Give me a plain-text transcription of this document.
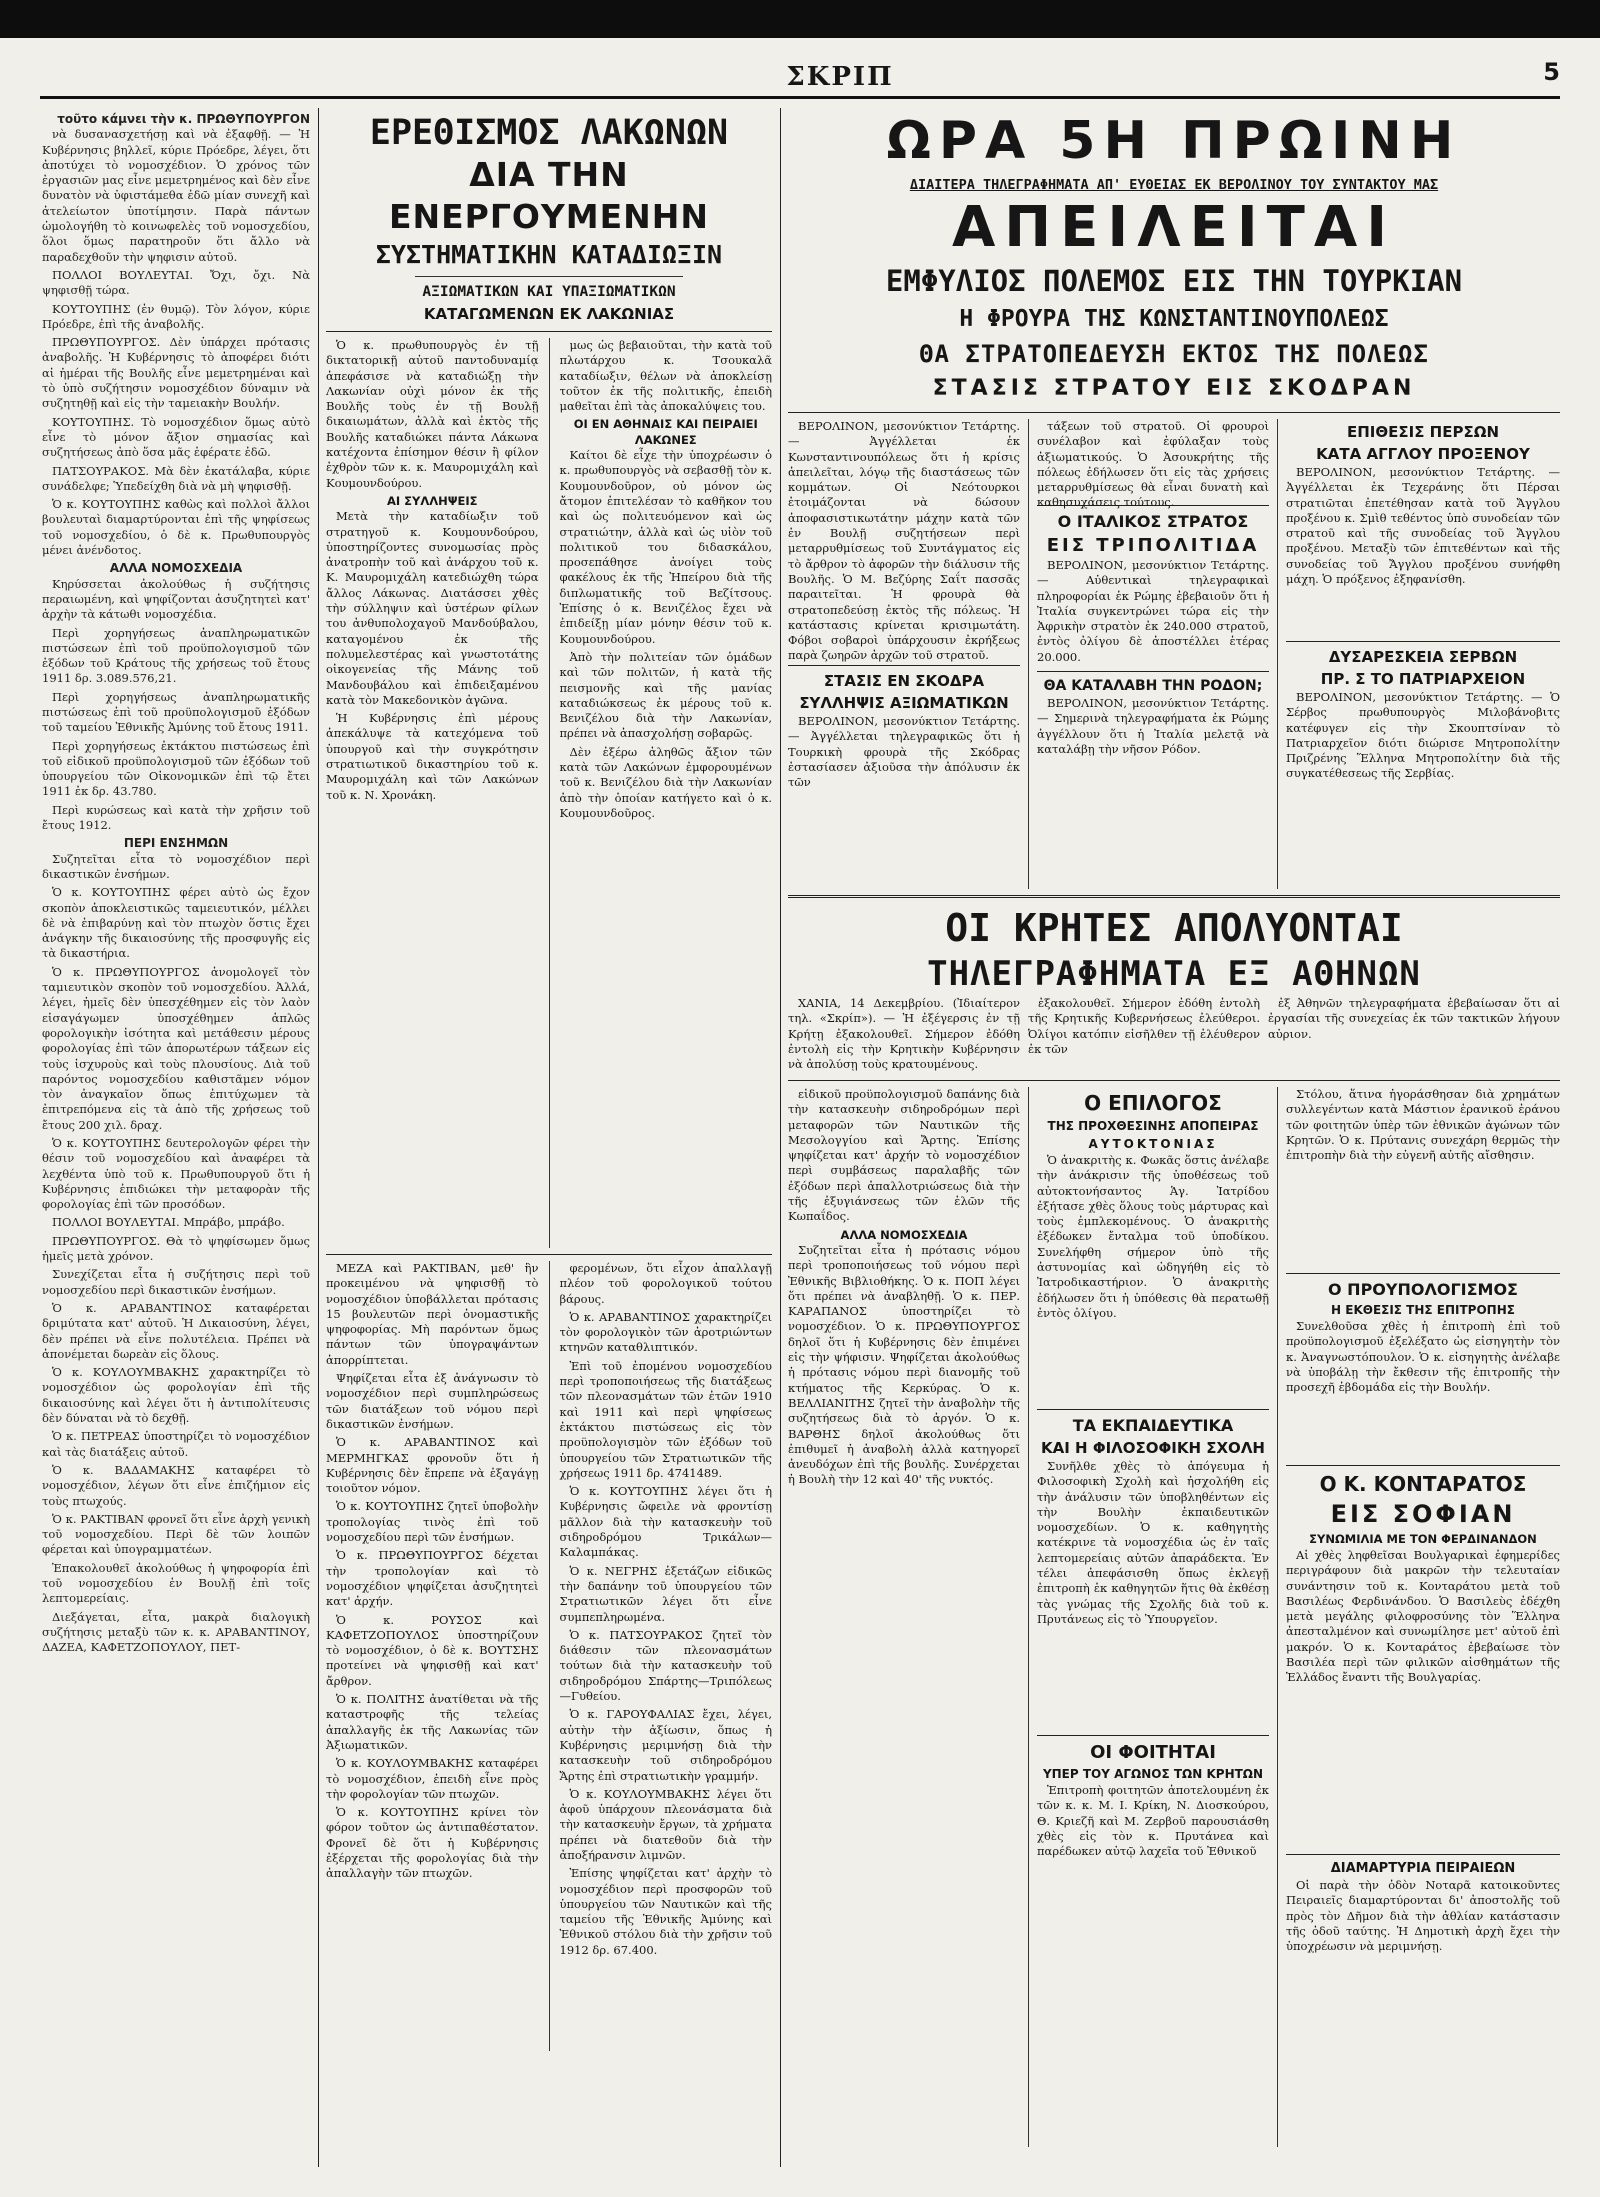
ΣΚΡΙΠ	5
τοῦτο κάμνει τὴν κ. ΠΡΩΘΥΠΟΥΡΓΟΝ

νὰ δυσανασχετήσῃ καὶ νὰ ἐξαφθῇ. — Ἡ Κυβέρνησις βηλλεῖ, κύριε Πρόεδρε, λέγει, ὅτι ἀποτύχει τὸ νομοσχέδιον. Ὁ χρόνος τῶν ἐργασιῶν μας εἶνε μεμετρημένος καὶ δὲν εἶνε δυνατὸν νὰ ὑφιστάμεθα ἐδῶ μίαν συνεχῆ καὶ ἀτελείωτον ὑποτίμησιν. Παρὰ πάντων ὡμολογήθη τὸ κοινωφελὲς τοῦ νομοσχεδίου, ὅλοι ὅμως παρατηροῦν ὅτι ἄλλο νὰ παραδεχθοῦν τὴν ψηφισιν αὐτοῦ.

ΠΟΛΛΟΙ ΒΟΥΛΕΥΤΑΙ. Ὄχι, ὄχι. Νὰ ψηφισθῇ τώρα.

ΚΟΥΤΟΥΠΗΣ (ἐν θυμῷ). Τὸν λόγον, κύριε Πρόεδρε, ἐπὶ τῆς ἀναβολῆς.

ΠΡΩΘΥΠΟΥΡΓΟΣ. Δὲν ὑπάρχει πρότασις ἀναβολῆς. Ἡ Κυβέρνησις τὸ ἀποφέρει διότι αἱ ἡμέραι τῆς Βουλῆς εἶνε μεμετρημέναι καὶ τὸ ὑπὸ συζήτησιν νομοσχέδιον δύναμιν νὰ συζητηθῇ καὶ εἰς τὴν ταμειακὴν Βουλήν.

ΚΟΥΤΟΥΠΗΣ. Τὸ νομοσχέδιον ὅμως αὐτὸ εἶνε τὸ μόνον ἄξιον σημασίας καὶ συζητήσεως ἀπὸ ὅσα μᾶς ἐφέρατε ἐδῶ.

ΠΑΤΣΟΥΡΑΚΟΣ. Μὰ δὲν ἐκατάλαβα, κύριε συνάδελφε; Ὑπεδείχθη διὰ νὰ μὴ ψηφισθῇ.

Ὁ κ. ΚΟΥΤΟΥΠΗΣ καθὼς καὶ πολλοὶ ἄλλοι βουλευταὶ διαμαρτύρονται ἐπὶ τῆς ψηφίσεως τοῦ νομοσχεδίου, ὁ δὲ κ. Πρωθυπουργὸς μένει ἀνένδοτος.

ΑΛΛΑ ΝΟΜΟΣΧΕΔΙΑ

Κηρύσσεται ἀκολούθως ἡ συζήτησις περαιωμένη, καὶ ψηφίζονται ἀσυζητητεὶ κατ' ἀρχὴν τὰ κάτωθι νομοσχέδια.

Περὶ χορηγήσεως ἀναπληρωματικῶν πιστώσεων ἐπὶ τοῦ προϋπολογισμοῦ τῶν ἐξόδων τοῦ Κράτους τῆς χρήσεως τοῦ ἔτους 1911 δρ. 3.089.576,21.

Περὶ χορηγήσεως ἀναπληρωματικῆς πιστώσεως ἐπὶ τοῦ προϋπολογισμοῦ ἐξόδων τοῦ ταμείου Ἐθνικῆς Ἀμύνης τοῦ ἔτους 1911.

Περὶ χορηγήσεως ἐκτάκτου πιστώσεως ἐπὶ τοῦ εἰδικοῦ προϋπολογισμοῦ τῶν ἐξόδων τοῦ ὑπουργείου τῶν Οἰκονομικῶν ἐπὶ τῷ ἔτει 1911 ἐκ δρ. 43.780.

Περὶ κυρώσεως καὶ κατὰ τὴν χρῆσιν τοῦ ἔτους 1912.

ΠΕΡΙ ΕΝΣΗΜΩΝ

Συζητεῖται εἶτα τὸ νομοσχέδιον περὶ δικαστικῶν ἐνσήμων.

Ὁ κ. ΚΟΥΤΟΥΠΗΣ φέρει αὐτὸ ὡς ἔχον σκοπὸν ἀποκλειστικῶς ταμειευτικόν, μέλλει δὲ νὰ ἐπιβαρύνῃ καὶ τὸν πτωχὸν ὅστις ἔχει ἀνάγκην τῆς δικαιοσύνης τῆς προσφυγῆς εἰς τὰ δικαστήρια.

Ὁ κ. ΠΡΩΘΥΠΟΥΡΓΟΣ ἀνομολογεῖ τὸν ταμιευτικὸν σκοπὸν τοῦ νομοσχεδίου. Ἀλλά, λέγει, ἡμεῖς δὲν ὑπεσχέθημεν εἰς τὸν λαὸν εἰσαγάγωμεν ὑποσχέθημεν ἁπλῶς φορολογικὴν ἰσότητα καὶ μετάθεσιν μέρους φορολογίας ἐπὶ τῶν ἀπορωτέρων τάξεων εἰς τοὺς ἰσχυροὺς καὶ τοὺς πλουσίους. Διὰ τοῦ παρόντος νομοσχεδίου καθιστᾶμεν νόμον τὸν ἀναγκαῖον ὅπως ἐπιτύχωμεν τὰ ἐπιτρεπόμενα εἰς τὰ ἀπὸ τῆς χρήσεως τοῦ ἔτους 200 χιλ. δραχ.

Ὁ κ. ΚΟΥΤΟΥΠΗΣ δευτερολογῶν φέρει τὴν θέσιν τοῦ νομοσχεδίου καὶ ἀναφέρει τὰ λεχθέντα ὑπὸ τοῦ κ. Πρωθυπουργοῦ ὅτι ἡ Κυβέρνησις ἐπιδιώκει τὴν μεταφορὰν τῆς φορολογίας ἐπὶ τῶν προσόδων.

ΠΟΛΛΟΙ ΒΟΥΛΕΥΤΑΙ. Μπράβο, μπράβο.

ΠΡΩΘΥΠΟΥΡΓΟΣ. Θὰ τὸ ψηφίσωμεν ὅμως ἡμεῖς μετὰ χρόνον.

Συνεχίζεται εἶτα ἡ συζήτησις περὶ τοῦ νομοσχεδίου περὶ δικαστικῶν ἐνσήμων.

Ὁ κ. ΑΡΑΒΑΝΤΙΝΟΣ καταφέρεται δριμύτατα κατ' αὐτοῦ. Ἡ Δικαιοσύνη, λέγει, δὲν πρέπει νὰ εἶνε πολυτέλεια. Πρέπει νὰ ἀπονέμεται δωρεὰν εἰς ὅλους.

Ὁ κ. ΚΟΥΛΟΥΜΒΑΚΗΣ χαρακτηρίζει τὸ νομοσχέδιον ὡς φορολογίαν ἐπὶ τῆς δικαιοσύνης καὶ λέγει ὅτι ἡ ἀντιπολίτευσις δὲν δύναται νὰ τὸ δεχθῇ.

Ὁ κ. ΠΕΤΡΕΑΣ ὑποστηρίζει τὸ νομοσχέδιον καὶ τὰς διατάξεις αὐτοῦ.

Ὁ κ. ΒΑΔΑΜΑΚΗΣ καταφέρει τὸ νομοσχέδιον, λέγων ὅτι εἶνε ἐπιζήμιον εἰς τοὺς πτωχούς.

Ὁ κ. ΡΑΚΤΙΒΑΝ φρονεῖ ὅτι εἶνε ἀρχὴ γενικὴ τοῦ νομοσχεδίου. Περὶ δὲ τῶν λοιπῶν φέρεται καὶ ὑπογραμματέων.

Ἐπακολουθεῖ ἀκολούθως ἡ ψηφοφορία ἐπὶ τοῦ νομοσχεδίου ἐν Βουλῇ ἐπὶ τοῖς λεπτομερείαις.

Διεξάγεται, εἶτα, μακρὰ διαλογικὴ συζήτησις μεταξὺ τῶν κ. κ. ΑΡΑΒΑΝΤΙΝΟΥ, ΔΑΖΕΑ, ΚΑΦΕΤΖΟΠΟΥΛΟΥ, ΠΕΤ-

ΕΡΕΘΙΣΜΟΣ ΛΑΚΩΝΩΝ
ΔΙΑ ΤΗΝ ΕΝΕΡΓΟΥΜΕΝΗΝ
ΣΥΣΤΗΜΑΤΙΚΗΝ ΚΑΤΑΔΙΩΞΙΝ
ΑΞΙΩΜΑΤΙΚΩΝ ΚΑΙ ΥΠΑΞΙΩΜΑΤΙΚΩΝ
ΚΑΤΑΓΩΜΕΝΩΝ ΕΚ ΛΑΚΩΝΙΑΣ

Ὁ κ. πρωθυπουργὸς ἐν τῇ δικτατορικῇ αὐτοῦ παντοδυναμίᾳ ἀπεφάσισε νὰ καταδιώξῃ τὴν Λακωνίαν οὐχὶ μόνον ἐκ τῆς Βουλῆς τοὺς ἐν τῇ Βουλῇ δικαιωμάτων, ἀλλὰ καὶ ἐκτὸς τῆς Βουλῆς καταδιώκει πάντα Λάκωνα κατέχοντα ἐπίσημον θέσιν ἢ φίλον ἐχθρὸν τῶν κ. κ. Μαυρομιχάλη καὶ Κουμουνδούρου.

ΑΙ ΣΥΛΛΗΨΕΙΣ

Μετὰ τὴν καταδίωξιν τοῦ στρατηγοῦ κ. Κουμουνδούρου, ὑποστηρίζοντες συνομωσίας πρὸς ἀνατροπὴν τοῦ καὶ ἀνάρχου τοῦ κ. Κ. Μαυρομιχάλη κατεδιώχθη τώρα ἄλλος Λάκωνας. Διατάσσει χθὲς τὴν σύλληψιν καὶ ὑστέρων φίλων του ἀνθυπολοχαγοῦ Μανδούβαλου, καταγομένου ἐκ τῆς πολυμελεστέρας καὶ γνωστοτάτης οἰκογενείας τῆς Μάνης τοῦ Μανδουβάλου καὶ ἐπιδειξαμένου κατὰ τὸν Μακεδονικὸν ἀγῶνα.

Ἡ Κυβέρνησις ἐπὶ μέρους ἀπεκάλυψε τὰ κατεχόμενα τοῦ ὑπουργοῦ καὶ τὴν συγκρότησιν στρατιωτικοῦ δικαστηρίου τοῦ κ. Μαυρομιχάλη καὶ τῶν Λακώνων τοῦ κ. Ν. Χρονάκη.

μως ὡς βεβαιοῦται, τὴν κατὰ τοῦ πλωτάρχου κ. Τσουκαλᾶ καταδίωξιν, θέλων νὰ ἀποκλείσῃ τοῦτον ἐκ τῆς πολιτικῆς, ἐπειδὴ μαθεῖται ἐπὶ τὰς ἀποκαλύψεις του.

ΟΙ ΕΝ ΑΘΗΝΑΙΣ ΚΑΙ ΠΕΙΡΑΙΕΙ ΛΑΚΩΝΕΣ

Καίτοι δὲ εἶχε τὴν ὑποχρέωσιν ὁ κ. πρωθυπουργὸς νὰ σεβασθῇ τὸν κ. Κουμουνδοῦρον, οὐ μόνον ὡς ἄτομον ἐπιτελέσαν τὸ καθῆκον του καὶ ὡς πολιτευόμενον καὶ ὡς στρατιώτην, ἀλλὰ καὶ ὡς υἱὸν τοῦ πολιτικοῦ του διδασκάλου, προσεπάθησε ἀνοίγει τοὺς φακέλους ἐκ τῆς Ἠπείρου διὰ τῆς διπλωματικῆς τοῦ Βεζίτσους. Ἐπίσης ὁ κ. Βενιζέλος ἔχει νὰ ἐπιδείξῃ μίαν μόνην θέσιν τοῦ κ. Κουμουνδούρου.

Ἀπὸ τὴν πολιτείαν τῶν ὁμάδων καὶ τῶν πολιτῶν, ἡ κατὰ τῆς πεισμονῆς καὶ τῆς μανίας καταδιώκσεως ἐκ μέρους τοῦ κ. Βενιζέλου διὰ τὴν Λακωνίαν, πρέπει νὰ ἀπασχολήσῃ σοβαρῶς.

Δὲν ἐξέρω ἀληθῶς ἄξιον τῶν κατὰ τῶν Λακώνων ἐμφορουμένων τοῦ κ. Βενιζέλου διὰ τὴν Λακωνίαν ἀπὸ τὴν ὁποίαν κατήγετο καὶ ὁ κ. Κουμουνδοῦρος.

ΜΕΖΑ καὶ ΡΑΚΤΙΒΑΝ, μεθ' ἣν προκειμένου νὰ ψηφισθῇ τὸ νομοσχέδιον ὑποβάλλεται πρότασις 15 βουλευτῶν περὶ ὀνομαστικῆς ψηφοφορίας. Μὴ παρόντων ὅμως πάντων τῶν ὑπογραψάντων ἀπορρίπτεται.

Ψηφίζεται εἶτα ἐξ ἀνάγνωσιν τὸ νομοσχέδιον περὶ συμπληρώσεως τῶν διατάξεων τοῦ νόμου περὶ δικαστικῶν ἐνσήμων.

Ὁ κ. ΑΡΑΒΑΝΤΙΝΟΣ καὶ ΜΕΡΜΗΓΚΑΣ φρονοῦν ὅτι ἡ Κυβέρνησις δὲν ἔπρεπε νὰ ἐξαγάγῃ τοιοῦτον νόμον.

Ὁ κ. ΚΟΥΤΟΥΠΗΣ ζητεῖ ὑποβολὴν τροπολογίας τινὸς ἐπὶ τοῦ νομοσχεδίου περὶ τῶν ἐνσήμων.

Ὁ κ. ΠΡΩΘΥΠΟΥΡΓΟΣ δέχεται τὴν τροπολογίαν καὶ τὸ νομοσχέδιον ψηφίζεται ἀσυζητητεὶ κατ' ἀρχήν.

Ὁ κ. ΡΟΥΣΟΣ καὶ ΚΑΦΕΤΖΟΠΟΥΛΟΣ ὑποστηρίζουν τὸ νομοσχέδιον, ὁ δὲ κ. ΒΟΥΤΣΗΣ προτείνει νὰ ψηφισθῇ καὶ κατ' ἄρθρον.

Ὁ κ. ΠΟΛΙΤΗΣ ἀνατίθεται νὰ τῆς καταστροφῆς τῆς τελείας ἀπαλλαγῆς ἐκ τῆς Λακωνίας τῶν Ἀξιωματικῶν.

Ὁ κ. ΚΟΥΛΟΥΜΒΑΚΗΣ καταφέρει τὸ νομοσχέδιον, ἐπειδὴ εἶνε πρὸς τὴν φορολογίαν τῶν πτωχῶν.

Ὁ κ. ΚΟΥΤΟΥΠΗΣ κρίνει τὸν φόρον τοῦτον ὡς ἀντιπαθέστατον. Φρονεῖ δὲ ὅτι ἡ Κυβέρνησις ἐξέρχεται τῆς φορολογίας διὰ τὴν ἀπαλλαγὴν τῶν πτωχῶν.

φερομένων, ὅτι εἶχον ἀπαλλαγῇ πλέον τοῦ φορολογικοῦ τούτου βάρους.

Ὁ κ. ΑΡΑΒΑΝΤΙΝΟΣ χαρακτηρίζει τὸν φορολογικὸν τῶν ἀροτριώντων κτηνῶν καταθλιπτικόν.

Ἐπὶ τοῦ ἐπομένου νομοσχεδίου περὶ τροποποιήσεως τῆς διατάξεως τῶν πλεονασμάτων τῶν ἐτῶν 1910 καὶ 1911 καὶ περὶ ψηφίσεως ἐκτάκτου πιστώσεως εἰς τὸν προϋπολογισμὸν τῶν ἐξόδων τοῦ ὑπουργείου τῶν Στρατιωτικῶν τῆς χρήσεως 1911 δρ. 4741489.

Ὁ κ. ΚΟΥΤΟΥΠΗΣ λέγει ὅτι ἡ Κυβέρνησις ὤφειλε νὰ φροντίσῃ μᾶλλον διὰ τὴν κατασκευὴν τοῦ σιδηροδρόμου Τρικάλων—Καλαμπάκας.

Ὁ κ. ΝΕΓΡΗΣ ἐξετάζων εἰδικῶς τὴν δαπάνην τοῦ ὑπουργείου τῶν Στρατιωτικῶν λέγει ὅτι εἶνε συμπεπληρωμένα.

Ὁ κ. ΠΑΤΣΟΥΡΑΚΟΣ ζητεῖ τὸν διάθεσιν τῶν πλεονασμάτων τούτων διὰ τὴν κατασκευὴν τοῦ σιδηροδρόμου Σπάρτης—Τριπόλεως—Γυθείου.

Ὁ κ. ΓΑΡΟΥΦΑΛΙΑΣ ἔχει, λέγει, αὐτὴν τὴν ἀξίωσιν, ὅπως ἡ Κυβέρνησις μεριμνήσῃ διὰ τὴν κατασκευὴν τοῦ σιδηροδρόμου Ἄρτης ἐπὶ στρατιωτικὴν γραμμήν.

Ὁ κ. ΚΟΥΛΟΥΜΒΑΚΗΣ λέγει ὅτι ἀφοῦ ὑπάρχουν πλεονάσματα διὰ τὴν κατασκευὴν ἔργων, τὰ χρήματα πρέπει νὰ διατεθοῦν διὰ τὴν ἀποξήρανσιν λιμνῶν.

Ἐπίσης ψηφίζεται κατ' ἀρχὴν τὸ νομοσχέδιον περὶ προσφορῶν τοῦ ὑπουργείου τῶν Ναυτικῶν καὶ τῆς ταμείου τῆς Ἐθνικῆς Ἀμύνης καὶ Ἐθνικοῦ στόλου διὰ τὴν χρῆσιν τοῦ 1912 δρ. 67.400.

ΩΡΑ 5Η ΠΡΩΙΝΗ
ΔΙΑΙΤΕΡΑ ΤΗΛΕΓΡΑΦΗΜΑΤΑ ΑΠ' ΕΥΘΕΙΑΣ ΕΚ ΒΕΡΟΛΙΝΟΥ ΤΟΥ ΣΥΝΤΑΚΤΟΥ ΜΑΣ
ΑΠΕΙΛΕΙΤΑΙ
ΕΜΦΥΛΙΟΣ ΠΟΛΕΜΟΣ ΕΙΣ ΤΗΝ ΤΟΥΡΚΙΑΝ
Η ΦΡΟΥΡΑ ΤΗΣ ΚΩΝΣΤΑΝΤΙΝΟΥΠΟΛΕΩΣ
ΘΑ ΣΤΡΑΤΟΠΕΔΕΥΣΗ ΕΚΤΟΣ ΤΗΣ ΠΟΛΕΩΣ
ΣΤΑΣΙΣ ΣΤΡΑΤΟΥ ΕΙΣ ΣΚΟΔΡΑΝ

ΒΕΡΟΛΙΝΟΝ, μεσονύκτιον Τετάρτης. — Ἀγγέλλεται ἐκ Κωνσταντινουπόλεως ὅτι ἡ κρίσις ἀπειλεῖται, λόγῳ τῆς διαστάσεως τῶν κομμάτων. Οἱ Νεότουρκοι ἐτοιμάζονται νὰ δώσουν ἀποφασιστικωτάτην μάχην κατὰ τῶν ἐν Βουλῇ συζητήσεων περὶ μεταρρυθμίσεως τοῦ Συντάγματος εἰς τὸ ἄρθρον τὸ ἀφορῶν τὴν διάλυσιν τῆς Βουλῆς. Ὁ Μ. Βεζύρης Σαΐτ πασσᾶς παραιτεῖται. Ἡ φρουρὰ θὰ στρατοπεδεύσῃ ἐκτὸς τῆς πόλεως. Ἡ κατάστασις κρίνεται κρισιμωτάτη. Φόβοι σοβαροὶ ὑπάρχουσιν ἐκρήξεως παρὰ ζωηρῶν ἀρχῶν τοῦ στρατοῦ.

ΣΤΑΣΙΣ ΕΝ ΣΚΟΔΡΑ
ΣΥΛΛΗΨΙΣ ΑΞΙΩΜΑΤΙΚΩΝ

ΒΕΡΟΛΙΝΟΝ, μεσονύκτιον Τετάρτης. — Ἀγγέλλεται τηλεγραφικῶς ὅτι ἡ Τουρκικὴ φρουρὰ τῆς Σκόδρας ἐστασίασεν ἀξιοῦσα τὴν ἀπόλυσιν ἐκ τῶν

τάξεων τοῦ στρατοῦ. Οἱ φρουροὶ συνέλαβον καὶ ἐφύλαξαν τοὺς ἀξιωματικούς. Ὁ Ἀσουκρήτης τῆς πόλεως ἐδήλωσεν ὅτι εἰς τὰς χρήσεις μεταρρυθμίσεως θὰ εἶναι δυνατὴ καὶ καθησυχάσεις τούτους.

Ο ΙΤΑΛΙΚΟΣ ΣΤΡΑΤΟΣ
ΕΙΣ ΤΡΙΠΟΛΙΤΙΔΑ

ΒΕΡΟΛΙΝΟΝ, μεσονύκτιον Τετάρτης. — Αὐθεντικαὶ τηλεγραφικαὶ πληροφορίαι ἐκ Ρώμης ἐβεβαιοῦν ὅτι ἡ Ἰταλία συγκεντρώνει τώρα εἰς τὴν Ἀφρικὴν στρατὸν ἐκ 240.000 στρατοῦ, ἐντὸς ὀλίγου δὲ ἀποστέλλει ἑτέρας 20.000.

ΘΑ ΚΑΤΑΛΑΒΗ ΤΗΝ ΡΟΔΟΝ;

ΒΕΡΟΛΙΝΟΝ, μεσονύκτιον Τετάρτης. — Σημερινὰ τηλεγραφήματα ἐκ Ρώμης ἀγγέλλουν ὅτι ἡ Ἰταλία μελετᾷ νὰ καταλάβῃ τὴν νῆσον Ρόδον.

ΕΠΙΘΕΣΙΣ ΠΕΡΣΩΝ
ΚΑΤΑ ΑΓΓΛΟΥ ΠΡΟΞΕΝΟΥ

ΒΕΡΟΛΙΝΟΝ, μεσονύκτιον Τετάρτης. — Ἀγγέλλεται ἐκ Τεχεράνης ὅτι Πέρσαι στρατιῶται ἐπετέθησαν κατὰ τοῦ Ἄγγλου προξένου κ. Σμὶθ τεθέντος ὑπὸ συνοδείαν τῶν στρατοῦ καὶ τῆς συνοδείας τοῦ Ἄγγλου προξένου. Μεταξὺ τῶν ἐπιτεθέντων καὶ τῆς συνοδείας τοῦ Ἄγγλου προξένου συνήφθη μάχη. Ὁ πρόξενος ἐξηφανίσθη.

ΔΥΣΑΡΕΣΚΕΙΑ ΣΕΡΒΩΝ
ΠΡ. Σ ΤΟ ΠΑΤΡΙΑΡΧΕΙΟΝ

ΒΕΡΟΛΙΝΟΝ, μεσονύκτιον Τετάρτης. — Ὁ Σέρβος πρωθυπουργὸς Μιλοβάνοβιτς κατέφυγεν εἰς τὴν Σκουπτσίναν τὸ Πατριαρχεῖον διότι διώρισε Μητροπολίτην Πριζρένης Ἕλληνα Μητροπολίτην διὰ τῆς συγκατέθεσεως τῆς Σερβίας.

ΟΙ ΚΡΗΤΕΣ ΑΠΟΛΥΟΝΤΑΙ
ΤΗΛΕΓΡΑΦΗΜΑΤΑ ΕΞ ΑΘΗΝΩΝ

ΧΑΝΙΑ, 14 Δεκεμβρίου. (Ἰδιαίτερον τηλ. «Σκρίπ»). — Ἡ ἐξέγερσις ἐν τῇ Κρήτῃ ἐξακολουθεῖ. Σήμερον ἐδόθη ἐντολὴ εἰς τὴν Κρητικὴν Κυβέρνησιν νὰ ἀπολύσῃ τοὺς κρατουμένους.

ἐξακολουθεῖ. Σήμερον ἐδόθη ἐντολὴ τῆς Κρητικῆς Κυβερνήσεως ἐλεύθεροι. Ὀλίγοι κατόπιν εἰσῆλθεν τῇ ἐλέυθερον ἐκ τῶν

ἐξ Ἀθηνῶν τηλεγραφήματα ἐβεβαίωσαν ὅτι αἱ ἐργασίαι τῆς συνεχείας ἐκ τῶν τακτικῶν λήγουν αὐριον.

εἰδικοῦ προϋπολογισμοῦ δαπάνης διὰ τὴν κατασκευὴν σιδηροδρόμων περὶ μεταφορῶν τῶν Ναυτικῶν τῆς Μεσολογγίου καὶ Ἄρτης. Ἐπίσης ψηφίζεται κατ' ἀρχήν τὸ νομοσχέδιον περὶ συμβάσεως παραλαβῆς τῶν ἐξόδων περὶ ἀπαλλοτριώσεως διὰ τὴν τῆς ἐξυγιάνσεως τῶν ἑλῶν τῆς Κωπαΐδος.

ΑΛΛΑ ΝΟΜΟΣΧΕΔΙΑ

Συζητεῖται εἶτα ἡ πρότασις νόμου περὶ τροποποιήσεως τοῦ νόμου περὶ Ἐθνικῆς Βιβλιοθήκης. Ὁ κ. ΠΟΠ λέγει ὅτι πρέπει νὰ ἀναβληθῇ. Ὁ κ. ΠΕΡ. ΚΑΡΑΠΑΝΟΣ ὑποστηρίζει τὸ νομοσχέδιον. Ὁ κ. ΠΡΩΘΥΠΟΥΡΓΟΣ δηλοῖ ὅτι ἡ Κυβέρνησις δὲν ἐπιμένει εἰς τὴν ψήφισιν. Ψηφίζεται ἀκολούθως ἡ πρότασις νόμου περὶ διανομῆς τοῦ κτήματος τῆς Κερκύρας. Ὁ κ. ΒΕΛΛΙΑΝΙΤΗΣ ζητεῖ τὴν ἀναβολὴν τῆς συζητήσεως διὰ τὸ ἀργόν. Ὁ κ. ΒΑΡΘΗΣ δηλοῖ ἀκολούθως ὅτι ἐπιθυμεῖ ἡ ἀναβολὴ ἀλλὰ κατηγορεῖ ἀνευδόχων ἐπὶ τῆς βουλῆς. Συνέρχεται ἡ Βουλὴ τὴν 12 καὶ 40' τῆς νυκτός.

Ο ΕΠΙΛΟΓΟΣ
ΤΗΣ ΠΡΟΧΘΕΣΙΝΗΣ ΑΠΟΠΕΙΡΑΣ
ΑΥΤΟΚΤΟΝΙΑΣ

Ὁ ἀνακριτὴς κ. Φωκᾶς ὅστις ἀνέλαβε τὴν ἀνάκρισιν τῆς ὑποθέσεως τοῦ αὐτοκτονήσαντος Ἁγ. Ἰατρίδου ἐξήτασε χθὲς ὅλους τοὺς μάρτυρας καὶ τοὺς ἐμπλεκομένους. Ὁ ἀνακριτὴς ἐξέδωκεν ἔνταλμα τοῦ ὑποδίκου. Συνελήφθη σήμερον ὑπὸ τῆς ἀστυνομίας καὶ ὡδηγήθη εἰς τὸ Ἰατροδικαστήριον. Ὁ ἀνακριτὴς ἐδήλωσεν ὅτι ἡ ὑπόθεσις θὰ περατωθῇ ἐντὸς ὀλίγου.

ΤΑ ΕΚΠΑΙΔΕΥΤΙΚΑ
ΚΑΙ Η ΦΙΛΟΣΟΦΙΚΗ ΣΧΟΛΗ

Συνῆλθε χθὲς τὸ ἀπόγευμα ἡ Φιλοσοφικὴ Σχολὴ καὶ ἠσχολήθη εἰς τὴν ἀνάλυσιν τῶν ὑποβληθέντων εἰς τὴν Βουλὴν ἐκπαιδευτικῶν νομοσχεδίων. Ὁ κ. καθηγητὴς κατέκρινε τὰ νομοσχέδια ὡς ἐν ταῖς λεπτομερείαις αὐτῶν ἀπαράδεκτα. Ἐν τέλει ἀπεφάσισθη ὅπως ἐκλεγῇ ἐπιτροπὴ ἐκ καθηγητῶν ἥτις θὰ ἐκθέσῃ τὰς γνώμας τῆς Σχολῆς διὰ τοῦ κ. Πρυτάνεως εἰς τὸ Ὑπουργεῖον.

ΟΙ ΦΟΙΤΗΤΑΙ
ΥΠΕΡ ΤΟΥ ΑΓΩΝΟΣ ΤΩΝ ΚΡΗΤΩΝ

Ἐπιτροπὴ φοιτητῶν ἀποτελουμένη ἐκ τῶν κ. κ. Μ. Ι. Κρίκη, Ν. Διοσκούρου, Θ. Κριεζῆ καὶ Μ. Ζερβοῦ παρουσιάσθη χθὲς εἰς τὸν κ. Πρυτάνεα καὶ παρέδωκεν αὐτῷ λαχεῖα τοῦ Ἐθνικοῦ

Στόλου, ἅτινα ἠγοράσθησαν διὰ χρημάτων συλλεγέντων κατὰ Μάστιον ἐρανικοῦ ἐράνου τῶν φοιτητῶν ὑπὲρ τῶν ἐθνικῶν ἀγώνων τῶν Κρητῶν. Ὁ κ. Πρύτανις συνεχάρη θερμῶς τὴν ἐπιτροπὴν διὰ τὴν εὐγενῆ αὐτῆς αἴσθησιν.

Ο ΠΡΟΥΠΟΛΟΓΙΣΜΟΣ
Η ΕΚΘΕΣΙΣ ΤΗΣ ΕΠΙΤΡΟΠΗΣ

Συνελθοῦσα χθὲς ἡ ἐπιτροπὴ ἐπὶ τοῦ προϋπολογισμοῦ ἐξελέξατο ὡς εἰσηγητὴν τὸν κ. Ἀναγνωστόπουλον. Ὁ κ. εἰσηγητὴς ἀνέλαβε νὰ ὑποβάλῃ τὴν ἔκθεσιν τῆς ἐπιτροπῆς τὴν προσεχῆ ἑβδομάδα εἰς τὴν Βουλήν.

Ο Κ. ΚΟΝΤΑΡΑΤΟΣ
ΕΙΣ ΣΟΦΙΑΝ
ΣΥΝΩΜΙΛΙΑ ΜΕ ΤΟΝ ΦΕΡΔΙΝΑΝΔΟΝ

Αἱ χθὲς ληφθεῖσαι Βουλγαρικαὶ ἐφημερίδες περιγράφουν διὰ μακρῶν τὴν τελευταίαν συνάντησιν τοῦ κ. Κονταράτου μετὰ τοῦ Βασιλέως Φερδινάνδου. Ὁ Βασιλεὺς ἐδέχθη μετὰ μεγάλης φιλοφροσύνης τὸν Ἕλληνα ἀπεσταλμένον καὶ συνωμίλησε μετ' αὐτοῦ ἐπὶ μακρόν. Ὁ κ. Κονταράτος ἐβεβαίωσε τὸν Βασιλέα περὶ τῶν φιλικῶν αἰσθημάτων τῆς Ἑλλάδος ἔναντι τῆς Βουλγαρίας.

ΔΙΑΜΑΡΤΥΡΙΑ ΠΕΙΡΑΙΕΩΝ

Οἱ παρὰ τὴν ὁδὸν Νοταρᾶ κατοικοῦντες Πειραιεῖς διαμαρτύρονται δι' ἀποστολῆς τοῦ πρὸς τὸν Δῆμον διὰ τὴν ἀθλίαν κατάστασιν τῆς ὁδοῦ ταύτης. Ἡ Δημοτικὴ ἀρχὴ ἔχει τὴν ὑποχρέωσιν νὰ μεριμνήσῃ.
